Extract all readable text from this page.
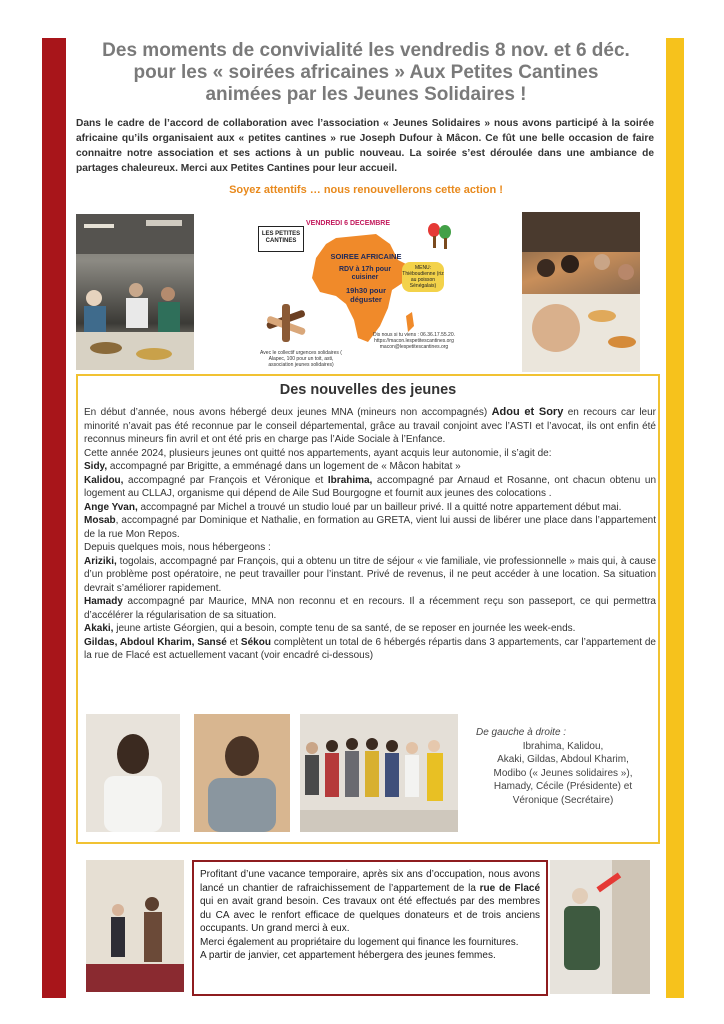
Des moments de convivialité les vendredis 8 nov. et 6 déc.
pour les « soirées africaines » Aux Petites Cantines
animées par les Jeunes Solidaires !
Dans le cadre de l’accord de collaboration avec l’association « Jeunes Solidaires » nous avons participé à la soirée africaine qu’ils organisaient aux « petites cantines » rue Joseph Dufour à Mâcon. Ce fût une belle occasion de faire connaitre notre association et ses actions à un public nouveau. La soirée s’est déroulée dans une ambiance de partages chaleureux. Merci aux Petites Cantines pour leur accueil.
Soyez attentifs … nous renouvellerons cette action !
LES PETITES CANTINES
VENDREDI 6 DECEMBRE
SOIREE AFRICAINE
RDV à 17h pour cuisiner
19h30 pour déguster
MENU: Thiéboudienne (riz au poisson Sénégalais)
Avec le collectif urgences solidaires ( Alapec, 100 pour un toit, asti, association jeunes solidaires)
Dis nous si tu viens : 06.36.17.55.20. https://macon.lespetitescantines.org macon@lespetitescantines.org
Des nouvelles des jeunes

En début d’année, nous avons hébergé deux jeunes MNA (mineurs non accompagnés) Adou et Sory en recours car leur minorité n’avait pas été reconnue par le conseil départemental, grâce au travail conjoint avec l’ASTI et l’avocat, ils ont enfin été reconnus mineurs fin avril et ont été pris en charge pas l’Aide Sociale à l’Enfance.

Cette année 2024, plusieurs jeunes ont quitté nos appartements, ayant acquis leur autonomie, il s’agit de:

Sidy, accompagné par Brigitte, a emménagé dans un logement de « Mâcon habitat »

Kalidou, accompagné par François et Véronique et Ibrahima, accompagné par Arnaud et Rosanne, ont chacun obtenu un logement au CLLAJ, organisme qui dépend de Aile Sud Bourgogne et fournit aux jeunes des colocations .

Ange Yvan, accompagné par Michel a trouvé un studio loué par un bailleur privé. Il a quitté notre appartement début mai.

Mosab, accompagné par Dominique et Nathalie, en formation au GRETA, vient lui aussi de libérer une place dans l’appartement de la rue Mon Repos.

Depuis quelques mois, nous hébergeons :

Ariziki, togolais, accompagné par François, qui a obtenu un titre de séjour « vie familiale, vie professionnelle » mais qui, à cause d’un problème post opératoire, ne peut travailler pour l’instant. Privé de revenus, il ne peut accéder à une location. Sa situation devrait s’améliorer rapidement.

Hamady accompagné par Maurice, MNA non reconnu et en recours. Il a récemment reçu son passeport, ce qui permettra d’accélérer la régularisation de sa situation.

Akaki, jeune artiste Géorgien, qui a besoin, compte tenu de sa santé, de se reposer en journée les week-ends.

Gildas, Abdoul Kharim, Sansé et Sékou complètent un total de 6 hébergés répartis dans 3 appartements, car l’appartement de la rue de Flacé est actuellement vacant (voir encadré ci-dessous)

De gauche à droite :
Ibrahima, Kalidou,
Akaki, Gildas, Abdoul Kharim,
Modibo (« Jeunes solidaires »),
Hamady, Cécile (Présidente) et
Véronique (Secrétaire)

Profitant d’une vacance temporaire, après six ans d’occupation, nous avons lancé un chantier de rafraichissement de l’appartement de la rue de Flacé qui en avait grand besoin. Ces travaux ont été effectués par des membres du CA avec le renfort efficace de quelques donateurs et de trois anciens occupants. Un grand merci à eux.

Merci également au propriétaire du logement qui finance les fournitures.

A partir de janvier, cet appartement hébergera des jeunes femmes.
